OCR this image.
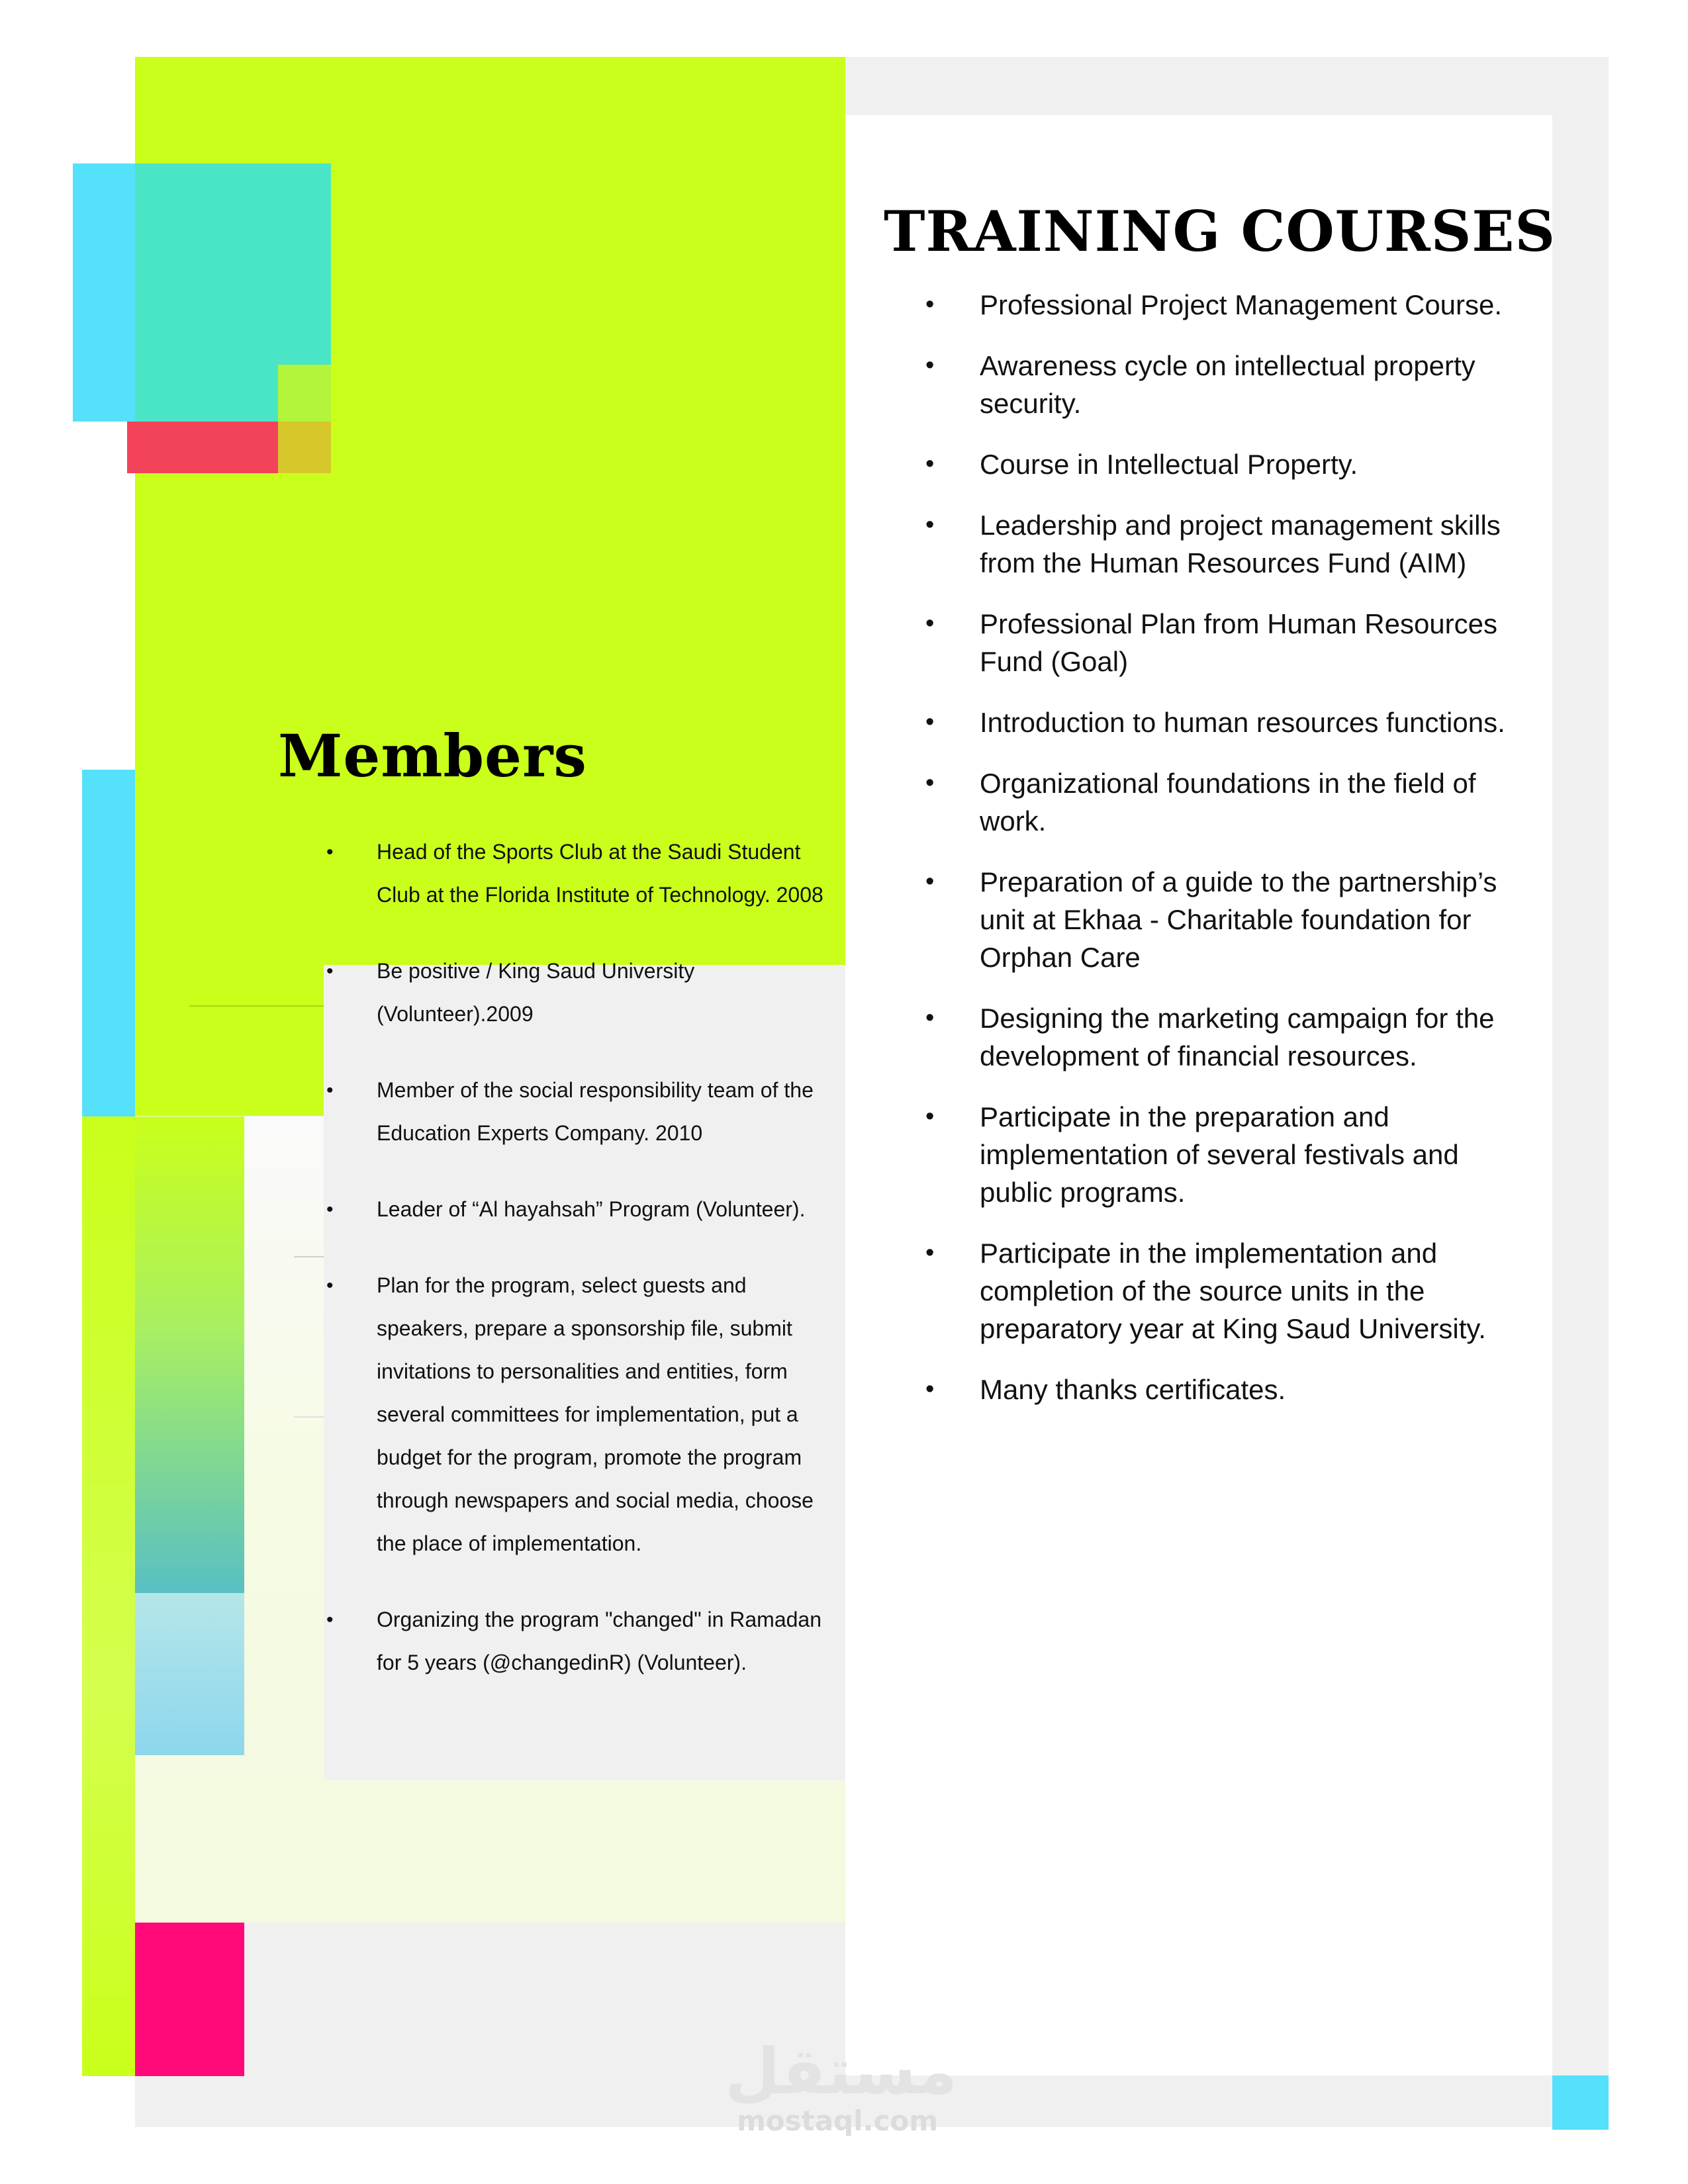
Members
• Head of the Sports Club at the Saudi Student Club at the Florida Institute of Technology. 2008
• Be positive / King Saud University (Volunteer).2009
• Member of the social responsibility team of the Education Experts Company. 2010
• Leader of “Al hayahsah” Program (Volunteer).
• Plan for the program, select guests and speakers, prepare a sponsorship file, submit invitations to personalities and entities, form several committees for implementation, put a budget for the program, promote the program through newspapers and social media, choose the place of implementation.
• Organizing the program "changed" in Ramadan for 5 years (@changedinR) (Volunteer).
TRAINING COURSES
• Professional Project Management Course.
• Awareness cycle on intellectual property security.
• Course in Intellectual Property.
• Leadership and project management skills from the Human Resources Fund (AIM)
• Professional Plan from Human Resources Fund (Goal)
• Introduction to human resources functions.
• Organizational foundations in the field of work.
• Preparation of a guide to the partnership’s unit at Ekhaa - Charitable foundation for Orphan Care
• Designing the marketing campaign for the development of financial resources.
• Participate in the preparation and implementation of several festivals and public programs.
• Participate in the implementation and completion of the source units in the preparatory year at King Saud University.
• Many thanks certificates.
مستقل
mostaql.com
